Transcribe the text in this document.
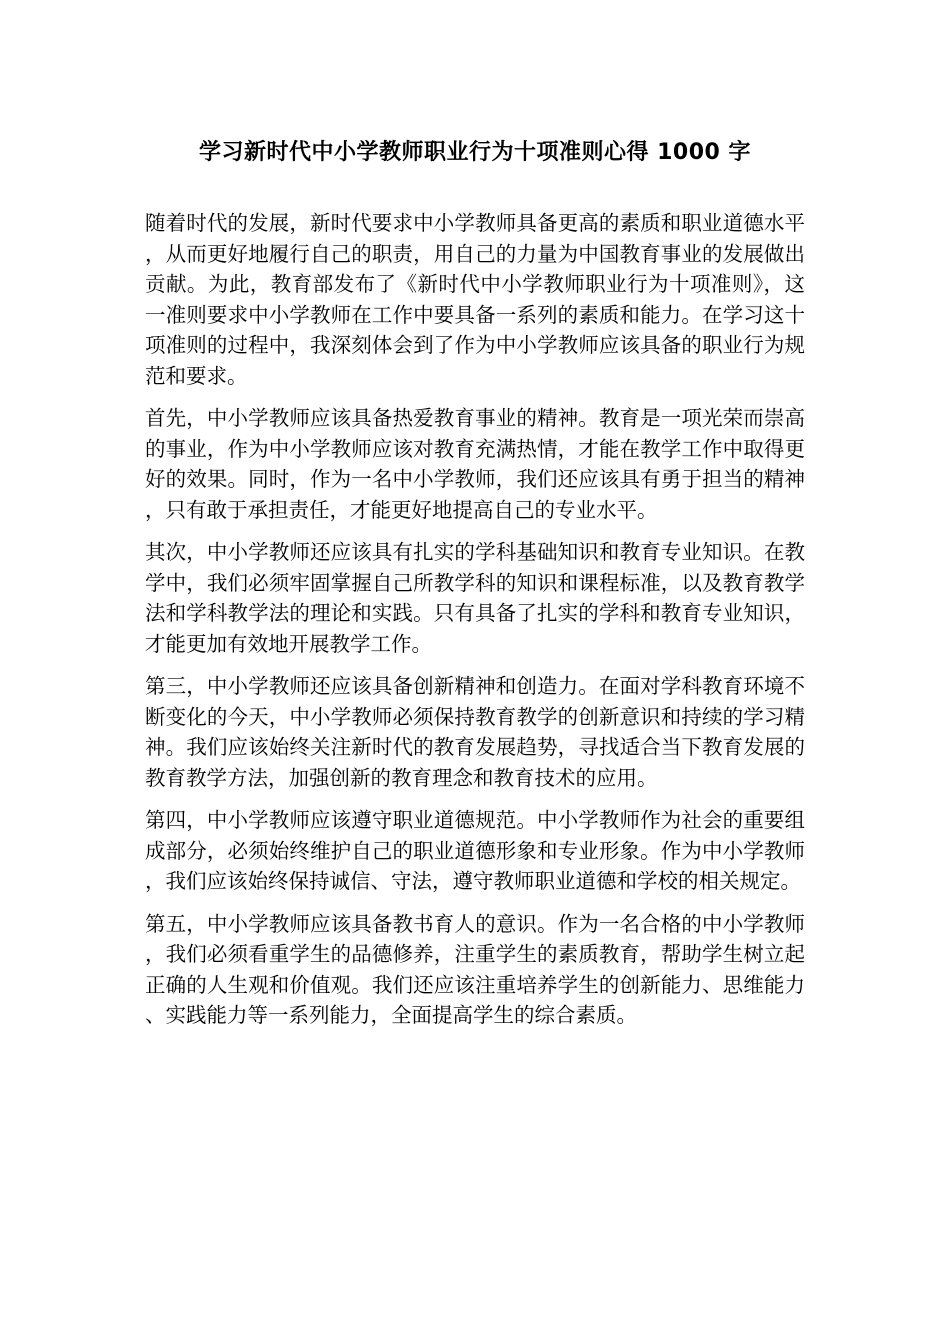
学习新时代中小学教师职业行为十项准则心得 1000 字

随着时代的发展，新时代要求中小学教师具备更高的素质和职业道德水平，从而更好地履行自己的职责，用自己的力量为中国教育事业的发展做出贡献。为此，教育部发布了《新时代中小学教师职业行为十项准则》，这一准则要求中小学教师在工作中要具备一系列的素质和能力。在学习这十项准则的过程中，我深刻体会到了作为中小学教师应该具备的职业行为规范和要求。

首先，中小学教师应该具备热爱教育事业的精神。教育是一项光荣而崇高的事业，作为中小学教师应该对教育充满热情，才能在教学工作中取得更好的效果。同时，作为一名中小学教师，我们还应该具有勇于担当的精神，只有敢于承担责任，才能更好地提高自己的专业水平。

其次，中小学教师还应该具有扎实的学科基础知识和教育专业知识。在教学中，我们必须牢固掌握自己所教学科的知识和课程标准，以及教育教学法和学科教学法的理论和实践。只有具备了扎实的学科和教育专业知识，才能更加有效地开展教学工作。

第三，中小学教师还应该具备创新精神和创造力。在面对学科教育环境不断变化的今天，中小学教师必须保持教育教学的创新意识和持续的学习精神。我们应该始终关注新时代的教育发展趋势，寻找适合当下教育发展的教育教学方法，加强创新的教育理念和教育技术的应用。

第四，中小学教师应该遵守职业道德规范。中小学教师作为社会的重要组成部分，必须始终维护自己的职业道德形象和专业形象。作为中小学教师，我们应该始终保持诚信、守法，遵守教师职业道德和学校的相关规定。

第五，中小学教师应该具备教书育人的意识。作为一名合格的中小学教师，我们必须看重学生的品德修养，注重学生的素质教育，帮助学生树立起正确的人生观和价值观。我们还应该注重培养学生的创新能力、思维能力、实践能力等一系列能力，全面提高学生的综合素质。
